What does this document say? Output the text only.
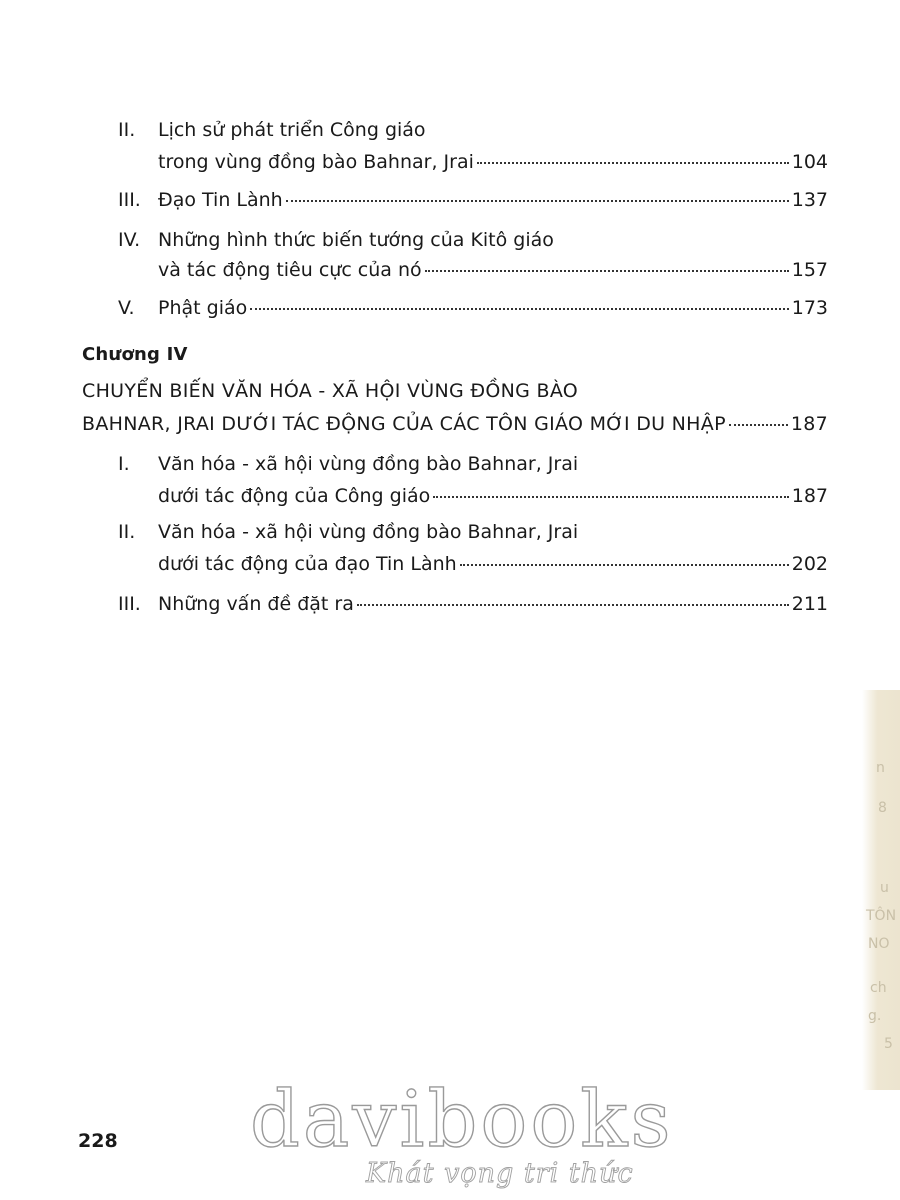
n
8
TÔN
NO
ch
u
g.
5
II. Lịch sử phát triển Công giáo
trong vùng đồng bào Bahnar, Jrai	104
III. Đạo Tin Lành	137
IV. Những hình thức biến tướng của Kitô giáo
và tác động tiêu cực của nó	157
V. Phật giáo	173
Chương IV
CHUYỂN BIẾN VĂN HÓA - XÃ HỘI VÙNG ĐỒNG BÀO
BAHNAR, JRAI DƯỚI TÁC ĐỘNG CỦA CÁC TÔN GIÁO MỚI DU NHẬP	187
I. Văn hóa - xã hội vùng đồng bào Bahnar, Jrai
dưới tác động của Công giáo	187
II. Văn hóa - xã hội vùng đồng bào Bahnar, Jrai
dưới tác động của đạo Tin Lành	202
III. Những vấn đề đặt ra	211
228 davibooks
Khát vọng tri thức
